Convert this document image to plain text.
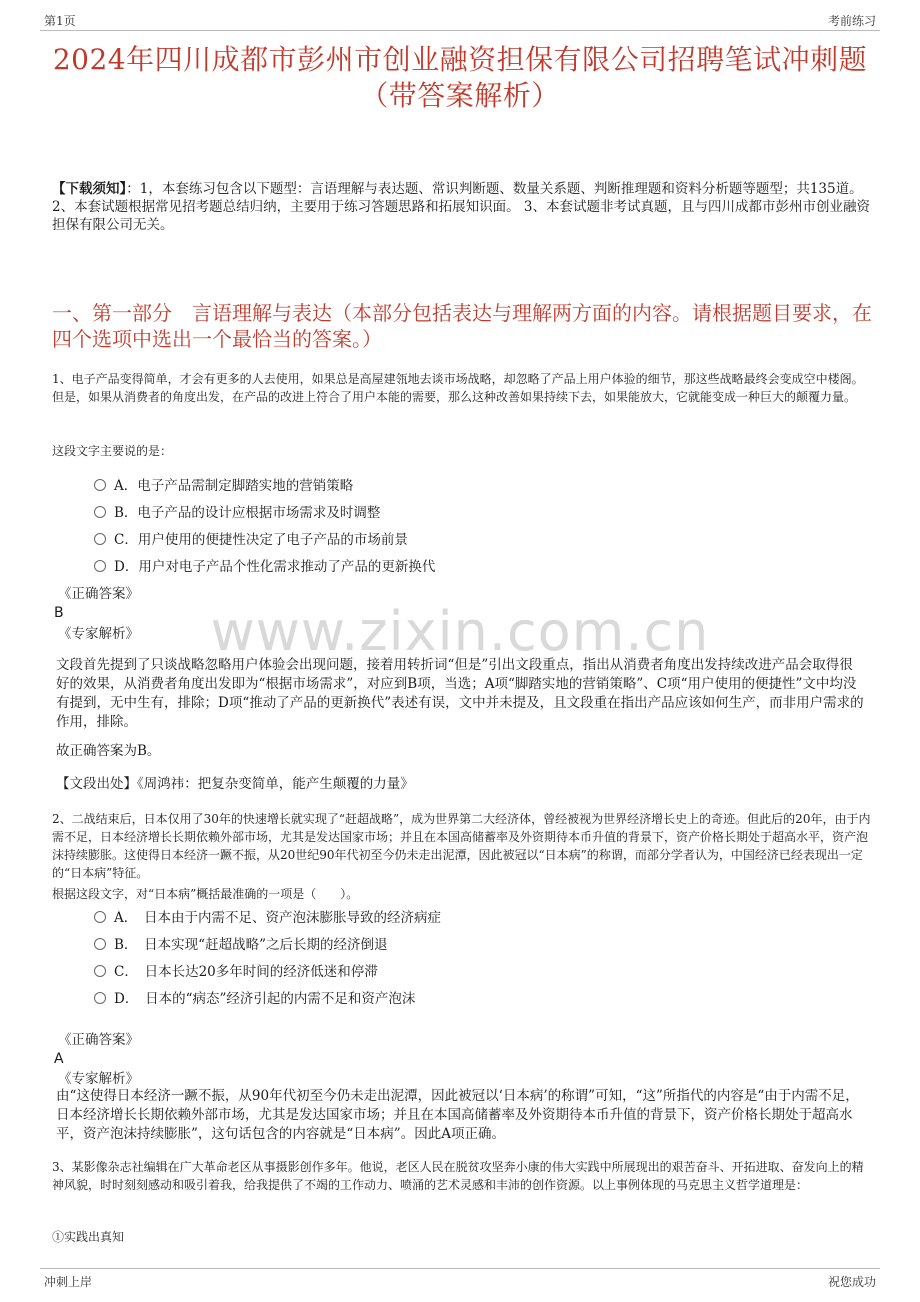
第1页	考前练习
2024年四川成都市彭州市创业融资担保有限公司招聘笔试冲刺题（带答案解析）
【下载须知】：1，本套练习包含以下题型：言语理解与表达题、常识判断题、数量关系题、判断推理题和资料分析题等题型；共135道。 2、本套试题根据常见招考题总结归纳，主要用于练习答题思路和拓展知识面。 3、本套试题非考试真题，且与四川成都市彭州市创业融资担保有限公司无关。
一、第一部分　言语理解与表达（本部分包括表达与理解两方面的内容。请根据题目要求，在四个选项中选出一个最恰当的答案。）
www.zixin.com.cn
1、电子产品变得简单，才会有更多的人去使用，如果总是高屋建瓴地去谈市场战略，却忽略了产品上用户体验的细节，那这些战略最终会变成空中楼阁。但是，如果从消费者的角度出发，在产品的改进上符合了用户本能的需要，那么这种改善如果持续下去，如果能放大，它就能变成一种巨大的颠覆力量。
这段文字主要说的是：
A．电子产品需制定脚踏实地的营销策略
B．电子产品的设计应根据市场需求及时调整
C．用户使用的便捷性决定了电子产品的市场前景
D．用户对电子产品个性化需求推动了产品的更新换代
《正确答案》
B
《专家解析》
文段首先提到了只谈战略忽略用户体验会出现问题，接着用转折词“但是”引出文段重点，指出从消费者角度出发持续改进产品会取得很好的效果，从消费者角度出发即为“根据市场需求”，对应到B项，当选；A项“脚踏实地的营销策略”、C项“用户使用的便捷性”文中均没有提到，无中生有，排除；D项“推动了产品的更新换代”表述有误，文中并未提及，且文段重在指出产品应该如何生产，而非用户需求的作用，排除。
故正确答案为B。
【文段出处】《周鸿祎：把复杂变简单，能产生颠覆的力量》
2、二战结束后，日本仅用了30年的快速增长就实现了“赶超战略”，成为世界第二大经济体，曾经被视为世界经济增长史上的奇迹。但此后的20年，由于内需不足，日本经济增长长期依赖外部市场，尤其是发达国家市场；并且在本国高储蓄率及外资期待本币升值的背景下，资产价格长期处于超高水平，资产泡沫持续膨胀。这使得日本经济一蹶不振，从20世纪90年代初至今仍未走出泥潭，因此被冠以“日本病”的称谓，而部分学者认为，中国经济已经表现出一定的“日本病”特征。
根据这段文字，对“日本病”概括最准确的一项是（　　）。
A．　日本由于内需不足、资产泡沫膨胀导致的经济病症
B．　日本实现“赶超战略”之后长期的经济倒退
C．　日本长达20多年时间的经济低迷和停滞
D．　日本的“病态”经济引起的内需不足和资产泡沫
《正确答案》
A
《专家解析》
由“这使得日本经济一蹶不振，从90年代初至今仍未走出泥潭，因此被冠以‘日本病’的称谓”可知，“这”所指代的内容是“由于内需不足，日本经济增长长期依赖外部市场，尤其是发达国家市场；并且在本国高储蓄率及外资期待本币升值的背景下，资产价格长期处于超高水平，资产泡沫持续膨胀”，这句话包含的内容就是“日本病”。因此A项正确。
3、某影像杂志社编辑在广大革命老区从事摄影创作多年。他说，老区人民在脱贫攻坚奔小康的伟大实践中所展现出的艰苦奋斗、开拓进取、奋发向上的精神风貌，时时刻刻感动和吸引着我，给我提供了不竭的工作动力、喷涌的艺术灵感和丰沛的创作资源。以上事例体现的马克思主义哲学道理是：
①实践出真知
冲刺上岸	祝您成功
